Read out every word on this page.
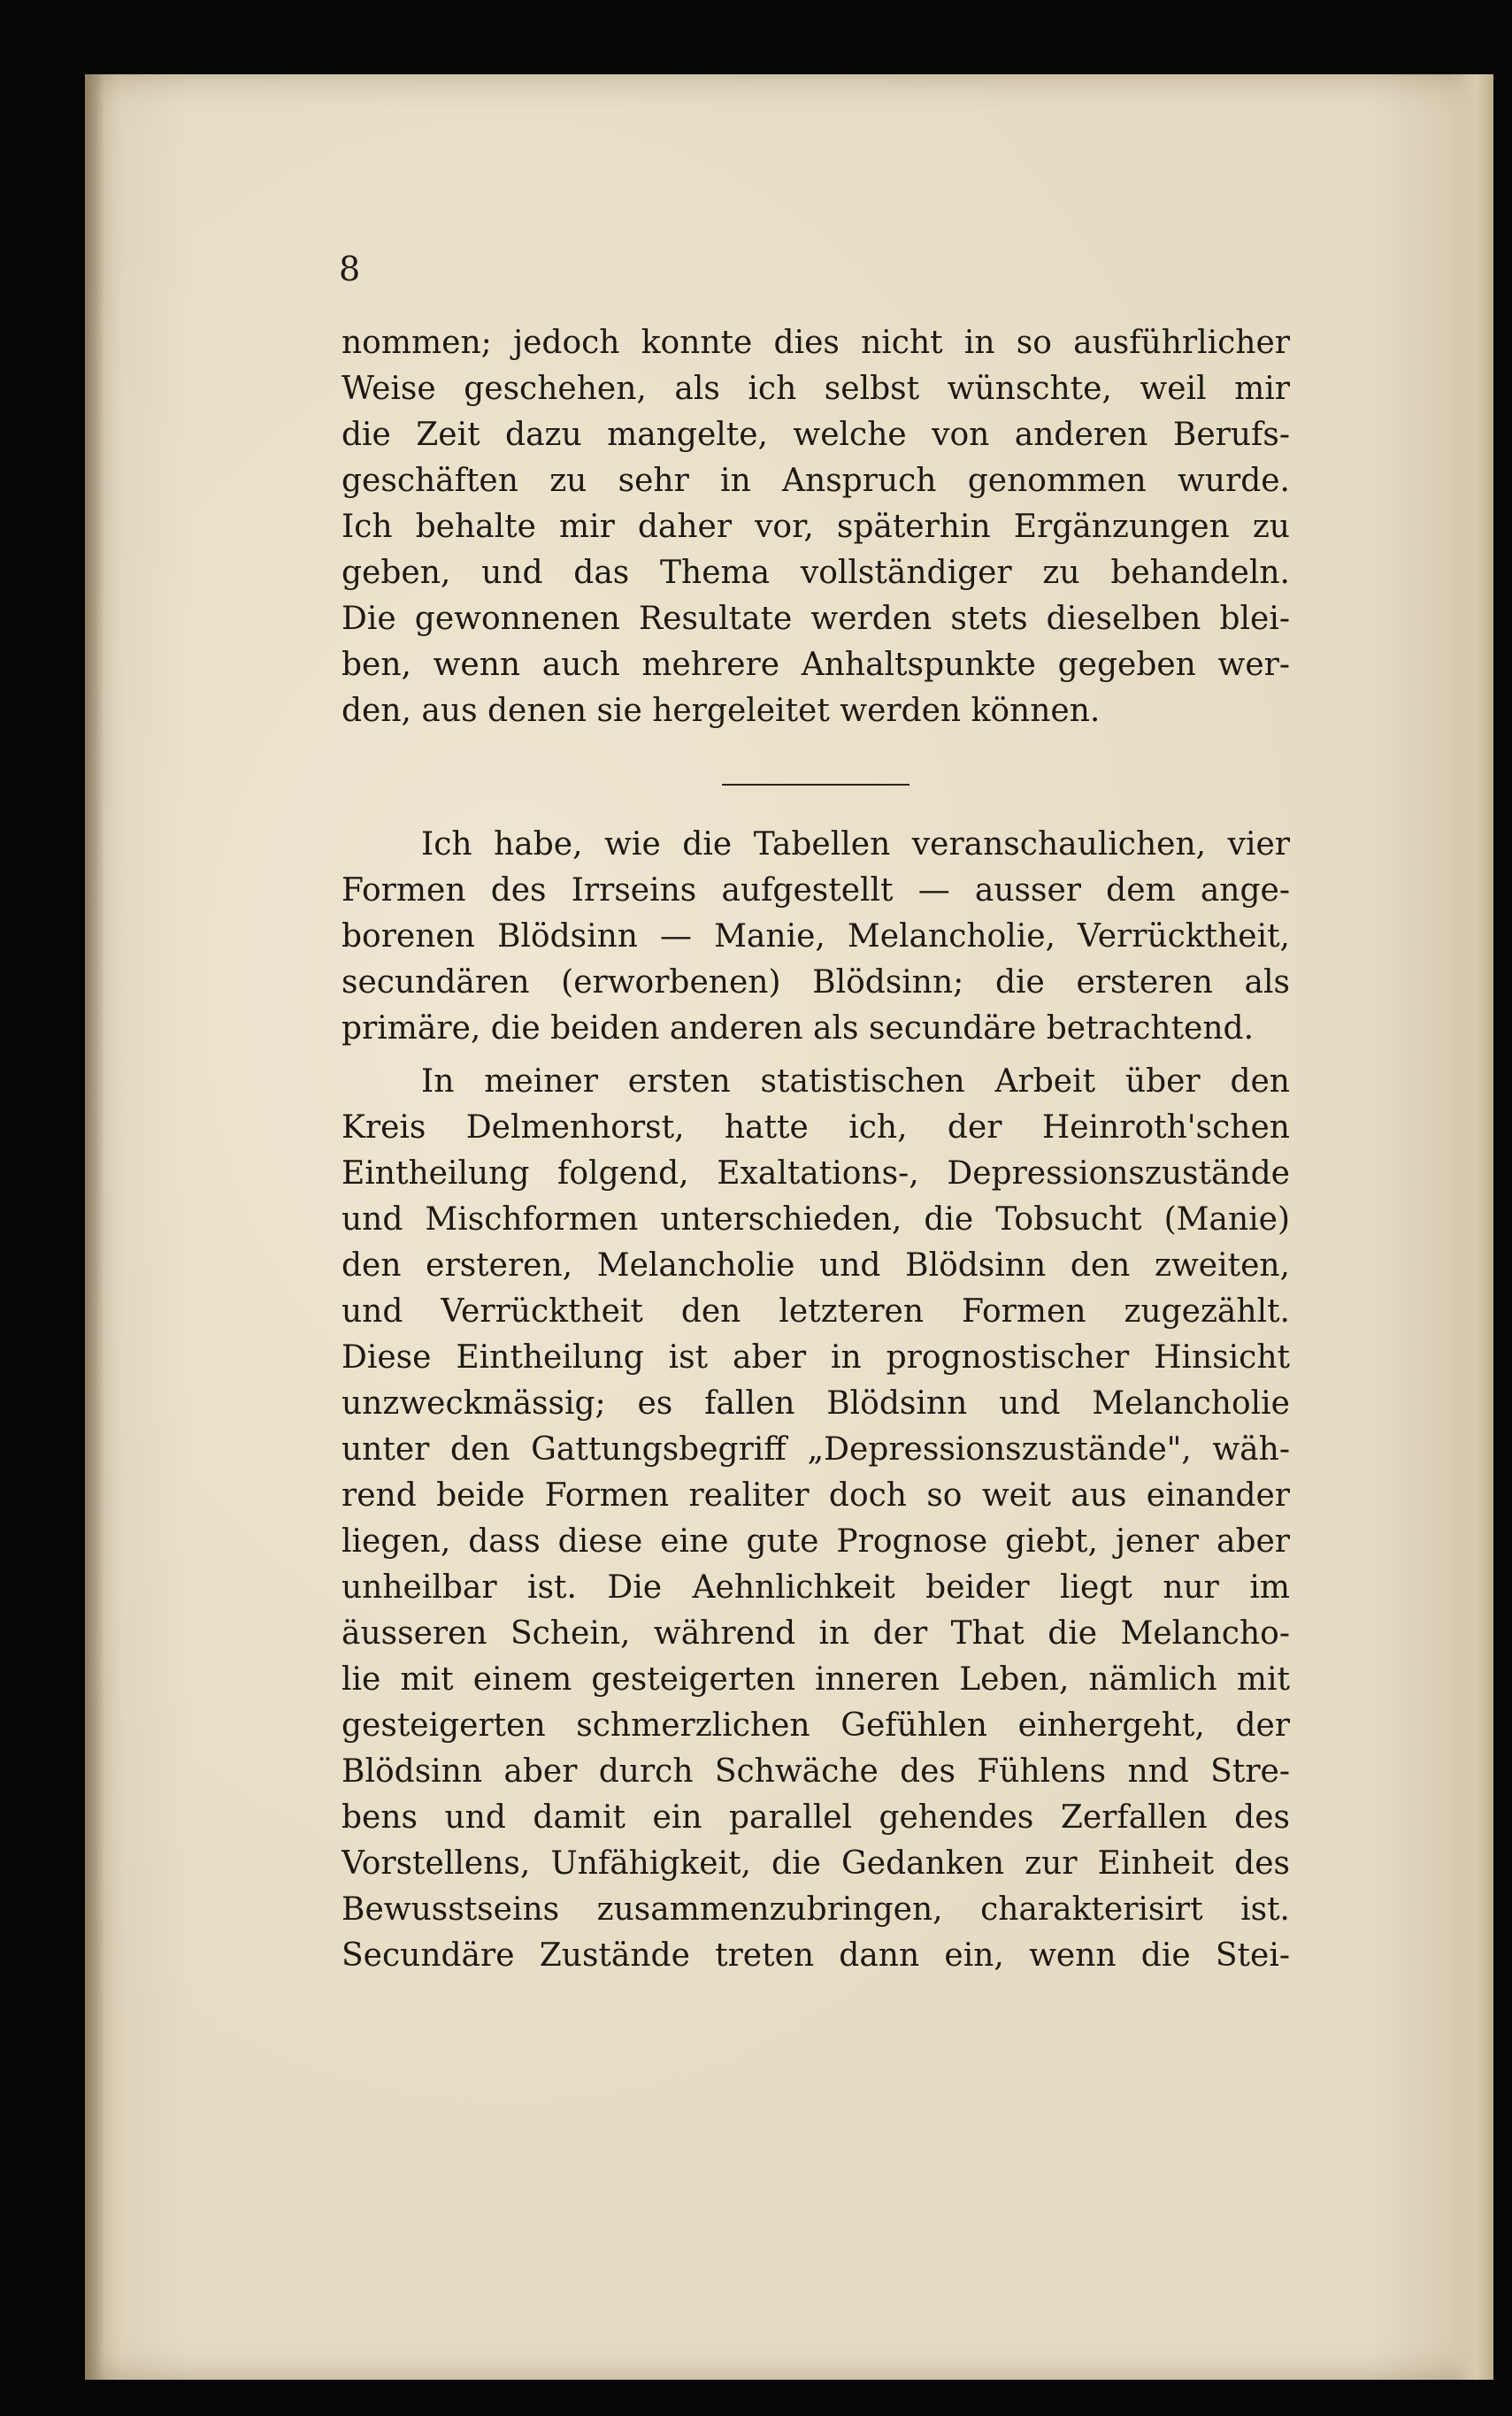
8
nommen; jedoch konnte dies nicht in so ausführlicher
Weise geschehen, als ich selbst wünschte, weil mir
die Zeit dazu mangelte, welche von anderen Berufs-
geschäften zu sehr in Anspruch genommen wurde.
Ich behalte mir daher vor, späterhin Ergänzungen zu
geben, und das Thema vollständiger zu behandeln.
Die gewonnenen Resultate werden stets dieselben blei-
ben, wenn auch mehrere Anhaltspunkte gegeben wer-
den, aus denen sie hergeleitet werden können.
Ich habe, wie die Tabellen veranschaulichen, vier
Formen des Irrseins aufgestellt — ausser dem ange-
borenen Blödsinn — Manie, Melancholie, Verrücktheit,
secundären (erworbenen) Blödsinn; die ersteren als
primäre, die beiden anderen als secundäre betrachtend.
In meiner ersten statistischen Arbeit über den
Kreis Delmenhorst, hatte ich, der Heinroth'schen
Eintheilung folgend, Exaltations-, Depressionszustände
und Mischformen unterschieden, die Tobsucht (Manie)
den ersteren, Melancholie und Blödsinn den zweiten,
und Verrücktheit den letzteren Formen zugezählt.
Diese Eintheilung ist aber in prognostischer Hinsicht
unzweckmässig; es fallen Blödsinn und Melancholie
unter den Gattungsbegriff „Depressionszustände", wäh-
rend beide Formen realiter doch so weit aus einander
liegen, dass diese eine gute Prognose giebt, jener aber
unheilbar ist. Die Aehnlichkeit beider liegt nur im
äusseren Schein, während in der That die Melancho-
lie mit einem gesteigerten inneren Leben, nämlich mit
gesteigerten schmerzlichen Gefühlen einhergeht, der
Blödsinn aber durch Schwäche des Fühlens nnd Stre-
bens und damit ein parallel gehendes Zerfallen des
Vorstellens, Unfähigkeit, die Gedanken zur Einheit des
Bewusstseins zusammenzubringen, charakterisirt ist.
Secundäre Zustände treten dann ein, wenn die Stei-
